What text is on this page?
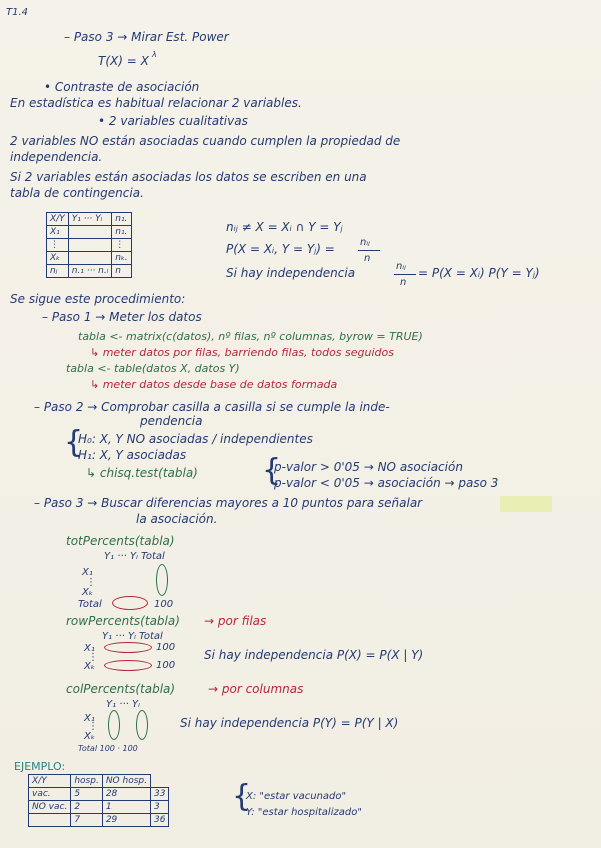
T1.4
– Paso 3 → Mirar Est. Power
T(X) = X λ
• Contraste de asociación
En estadística es habitual relacionar 2 variables.
• 2 variables cualitativas
2 variables NO están asociadas cuando cumplen la propiedad de
independencia.
Si 2 variables están asociadas los datos se escriben en una
tabla de contingencia.
X/Y	Y₁ ··· Yₗ	n₁.
X₁		n₁.
⋮		⋮
Xₖ		nₖ.
nⱼ	n.₁ ··· n.ₗ	n
nᵢⱼ ≠ X = Xᵢ ∩ Y = Yⱼ
P(X = Xᵢ, Y = Yⱼ) =	nᵢⱼ
n
Si hay independencia	nᵢⱼ
n
= P(X = Xᵢ) P(Y = Yⱼ)
Se sigue este procedimiento:
– Paso 1 → Meter los datos
tabla <- matrix(c(datos), nº filas, nº columnas, byrow = TRUE)
↳ meter datos por filas, barriendo filas, todos seguidos
tabla <- table(datos X, datos Y)
↳ meter datos desde base de datos formada
– Paso 2 → Comprobar casilla a casilla si se cumple la inde-
pendencia
{
H₀: X, Y NO asociadas / independientes
H₁: X, Y asociadas
↳ chisq.test(tabla) {
p-valor > 0'05 → NO asociación
p-valor < 0'05 → asociación → paso 3
– Paso 3 → Buscar diferencias mayores a 10 puntos para señalar
la asociación.
totPercents(tabla)
Y₁ ··· Yₗ Total
X₁
⋮
Xₖ
Total	100
rowPercents(tabla) → por filas
Y₁ ··· Yₗ Total
X₁
⋮
Xₖ
100
100
Si hay independencia P(X) = P(X | Y)
colPercents(tabla)	→ por columnas
Y₁ ··· Yₗ
X₁
⋮
Xₖ
Total 100 · 100
Si hay independencia P(Y) = P(Y | X)
EJEMPLO:
X/Y	hosp.	NO hosp.	
vac.	5	28	33
NO vac.	2	1	3
	7	29	36
{
X: "estar vacunado"
Y: "estar hospitalizado"
